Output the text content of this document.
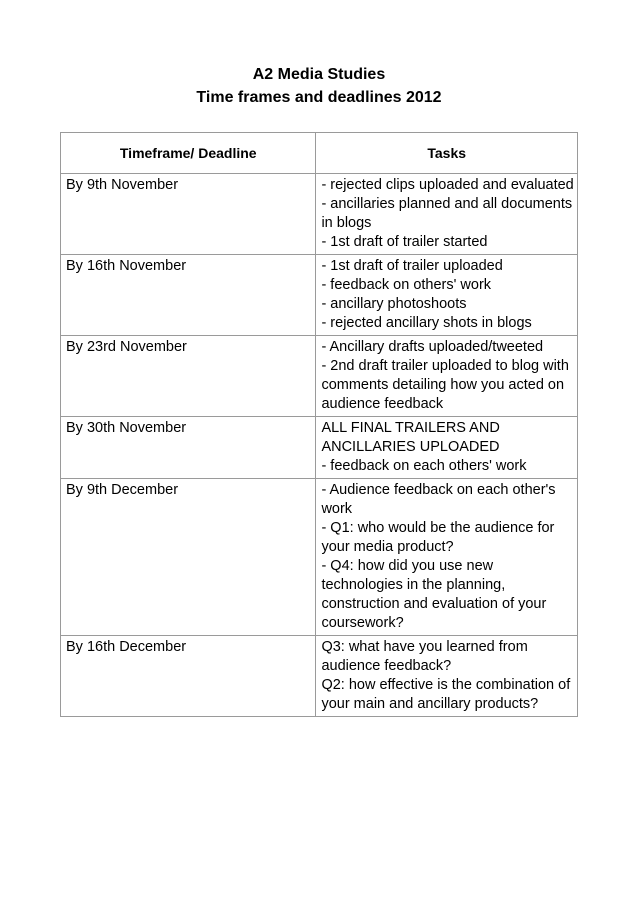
A2 Media Studies
Time frames and deadlines 2012
Timeframe/ Deadline	Tasks
By 9th November	- rejected clips uploaded and evaluated
- ancillaries planned and all documents in blogs
- 1st draft of trailer started

By 16th November	- 1st draft of trailer uploaded
- feedback on others' work
- ancillary photoshoots
- rejected ancillary shots in blogs

By 23rd November	- Ancillary drafts uploaded/tweeted
- 2nd draft trailer uploaded to blog with comments detailing how you acted on audience feedback

By 30th November	ALL FINAL TRAILERS AND ANCILLARIES UPLOADED
- feedback on each others' work

By 9th December	- Audience feedback on each other's work
- Q1: who would be the audience for your media product?
- Q4: how did you use new technologies in the planning, construction and evaluation of your coursework?

By 16th December	Q3: what have you learned from audience feedback?
Q2: how effective is the combination of your main and ancillary products?
